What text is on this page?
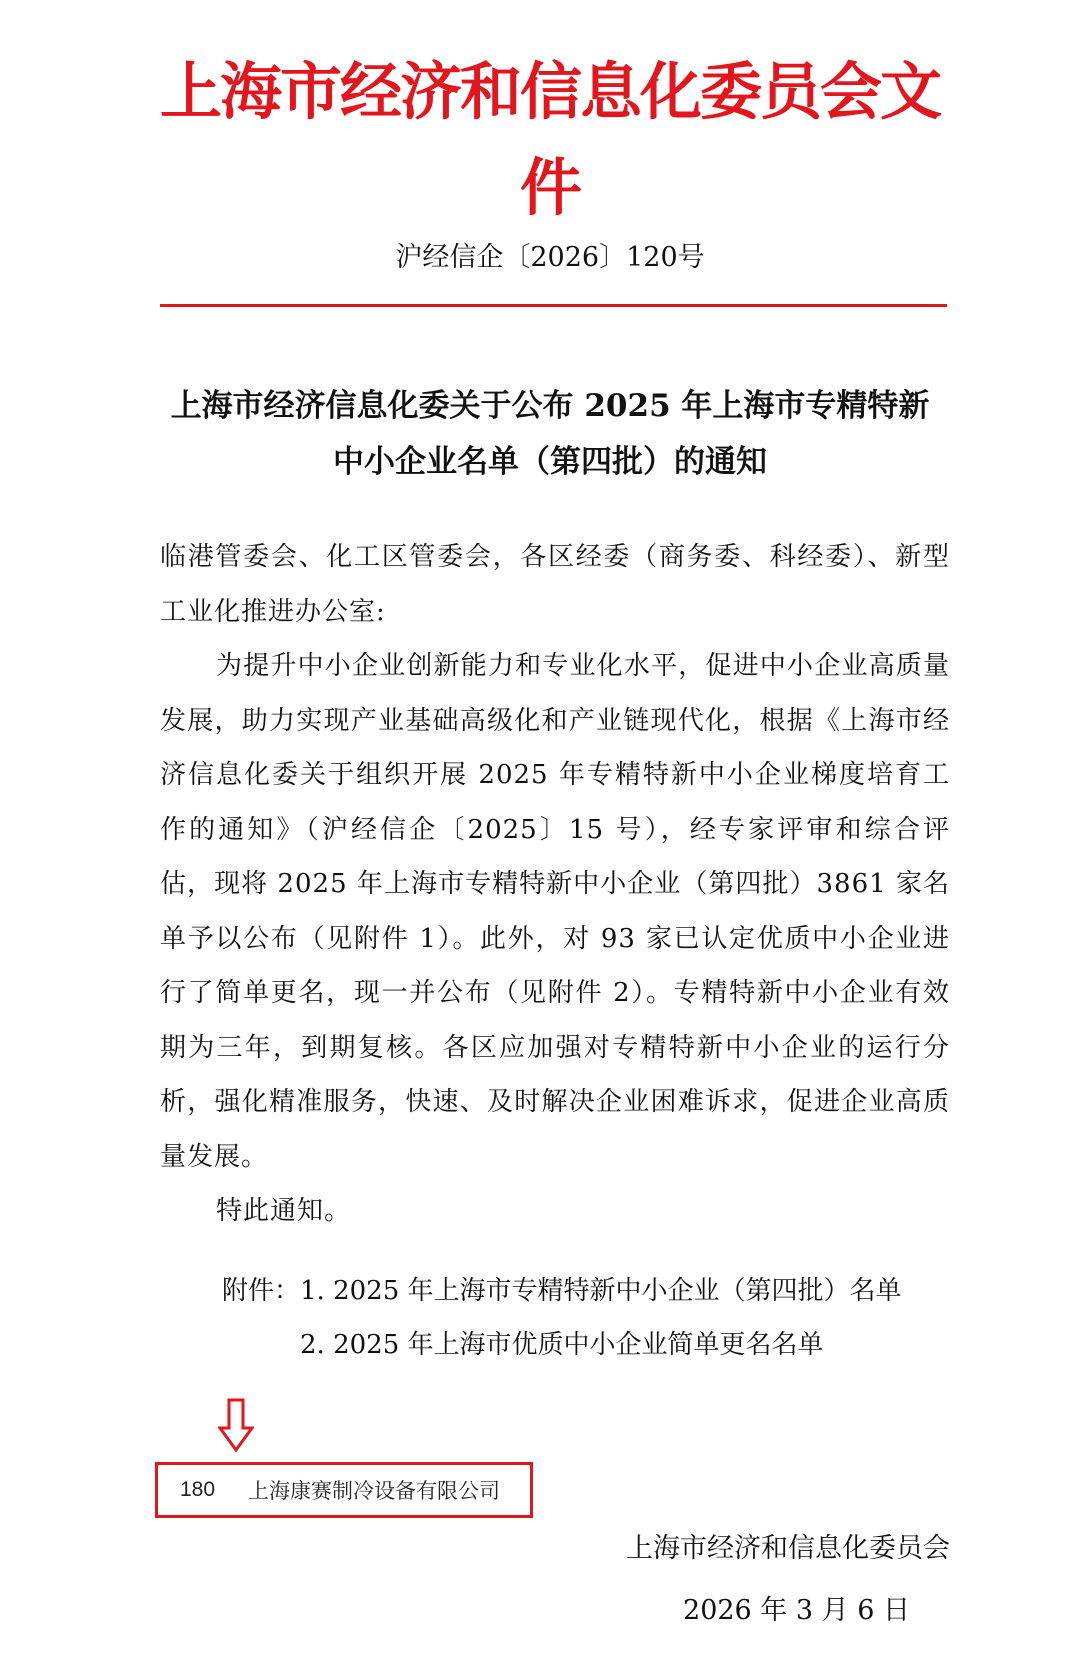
上海市经济和信息化委员会文件
沪经信企〔2026〕120号
上海市经济信息化委关于公布 2025 年上海市专精特新
中小企业名单（第四批）的通知

临港管委会、化工区管委会，各区经委（商务委、科经委）、新型工业化推进办公室:

为提升中小企业创新能力和专业化水平，促进中小企业高质量发展，助力实现产业基础高级化和产业链现代化，根据《上海市经济信息化委关于组织开展 2025 年专精特新中小企业梯度培育工作的通知》（沪经信企〔2025〕15 号），经专家评审和综合评估，现将 2025 年上海市专精特新中小企业（第四批）3861 家名单予以公布（见附件 1）。此外，对 93 家已认定优质中小企业进行了简单更名，现一并公布（见附件 2）。专精特新中小企业有效期为三年，到期复核。各区应加强对专精特新中小企业的运行分析，强化精准服务，快速、及时解决企业困难诉求，促进企业高质量发展。

特此通知。

附件： 1. 2025 年上海市专精特新中小企业（第四批）名单
2. 2025 年上海市优质中小企业简单更名名单
180	上海康赛制冷设备有限公司
上海市经济和信息化委员会
2026 年 3 月 6 日
